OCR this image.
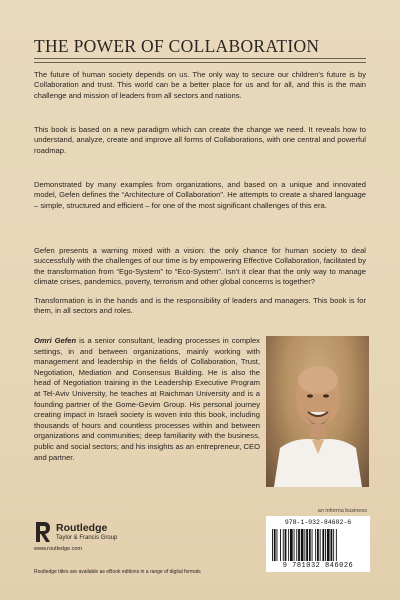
THE POWER OF COLLABORATION

The future of human society depends on us. The only way to secure our children's future is by Collaboration and trust. This world can be a better place for us and for all, and this is the main challenge and mission of leaders from all sectors and nations.

This book is based on a new paradigm which can create the change we need. It reveals how to understand, analyze, create and improve all forms of Collaborations, with one central and powerful roadmap.

Demonstrated by many examples from organizations, and based on a unique and innovated model, Gefen defines the “Architecture of Collaboration”. He attempts to create a shared language – simple, structured and efficient – for one of the most significant challenges of this era.

Gefen presents a warning mixed with a vision: the only chance for human society to deal successfully with the challenges of our time is by empowering Effective Collaboration, facilitated by the transformation from “Ego-System” to “Eco-System”. Isn't it clear that the only way to manage climate crises, pandemics, poverty, terrorism and other global concerns is together?

Transformation is in the hands and is the responsibility of leaders and managers. This book is for them, in all sectors and roles.

Omri Gefen is a senior consultant, leading processes in complex settings, in and between organizations, mainly working with management and leadership in the fields of Collaboration, Trust, Negotiation, Mediation and Consensus Building. He is also the head of Negotiation training in the Leadership Executive Program at Tel-Aviv University, he teaches at Raichman University and is a founding partner of the Gome-Gevim Group. His personal journey creating impact in Israeli society is woven into this book, including thousands of hours and countless processes within and between organizations and communities; deep familiarity with the business, public and social sectors; and his insights as an entrepreneur, CEO and partner.
an informa business
Routledge
Taylor & Francis Group
www.routledge.com
Routledge titles are available as eBook editions in a range of digital formats
978-1-032-84602-6
9 781032 846026
